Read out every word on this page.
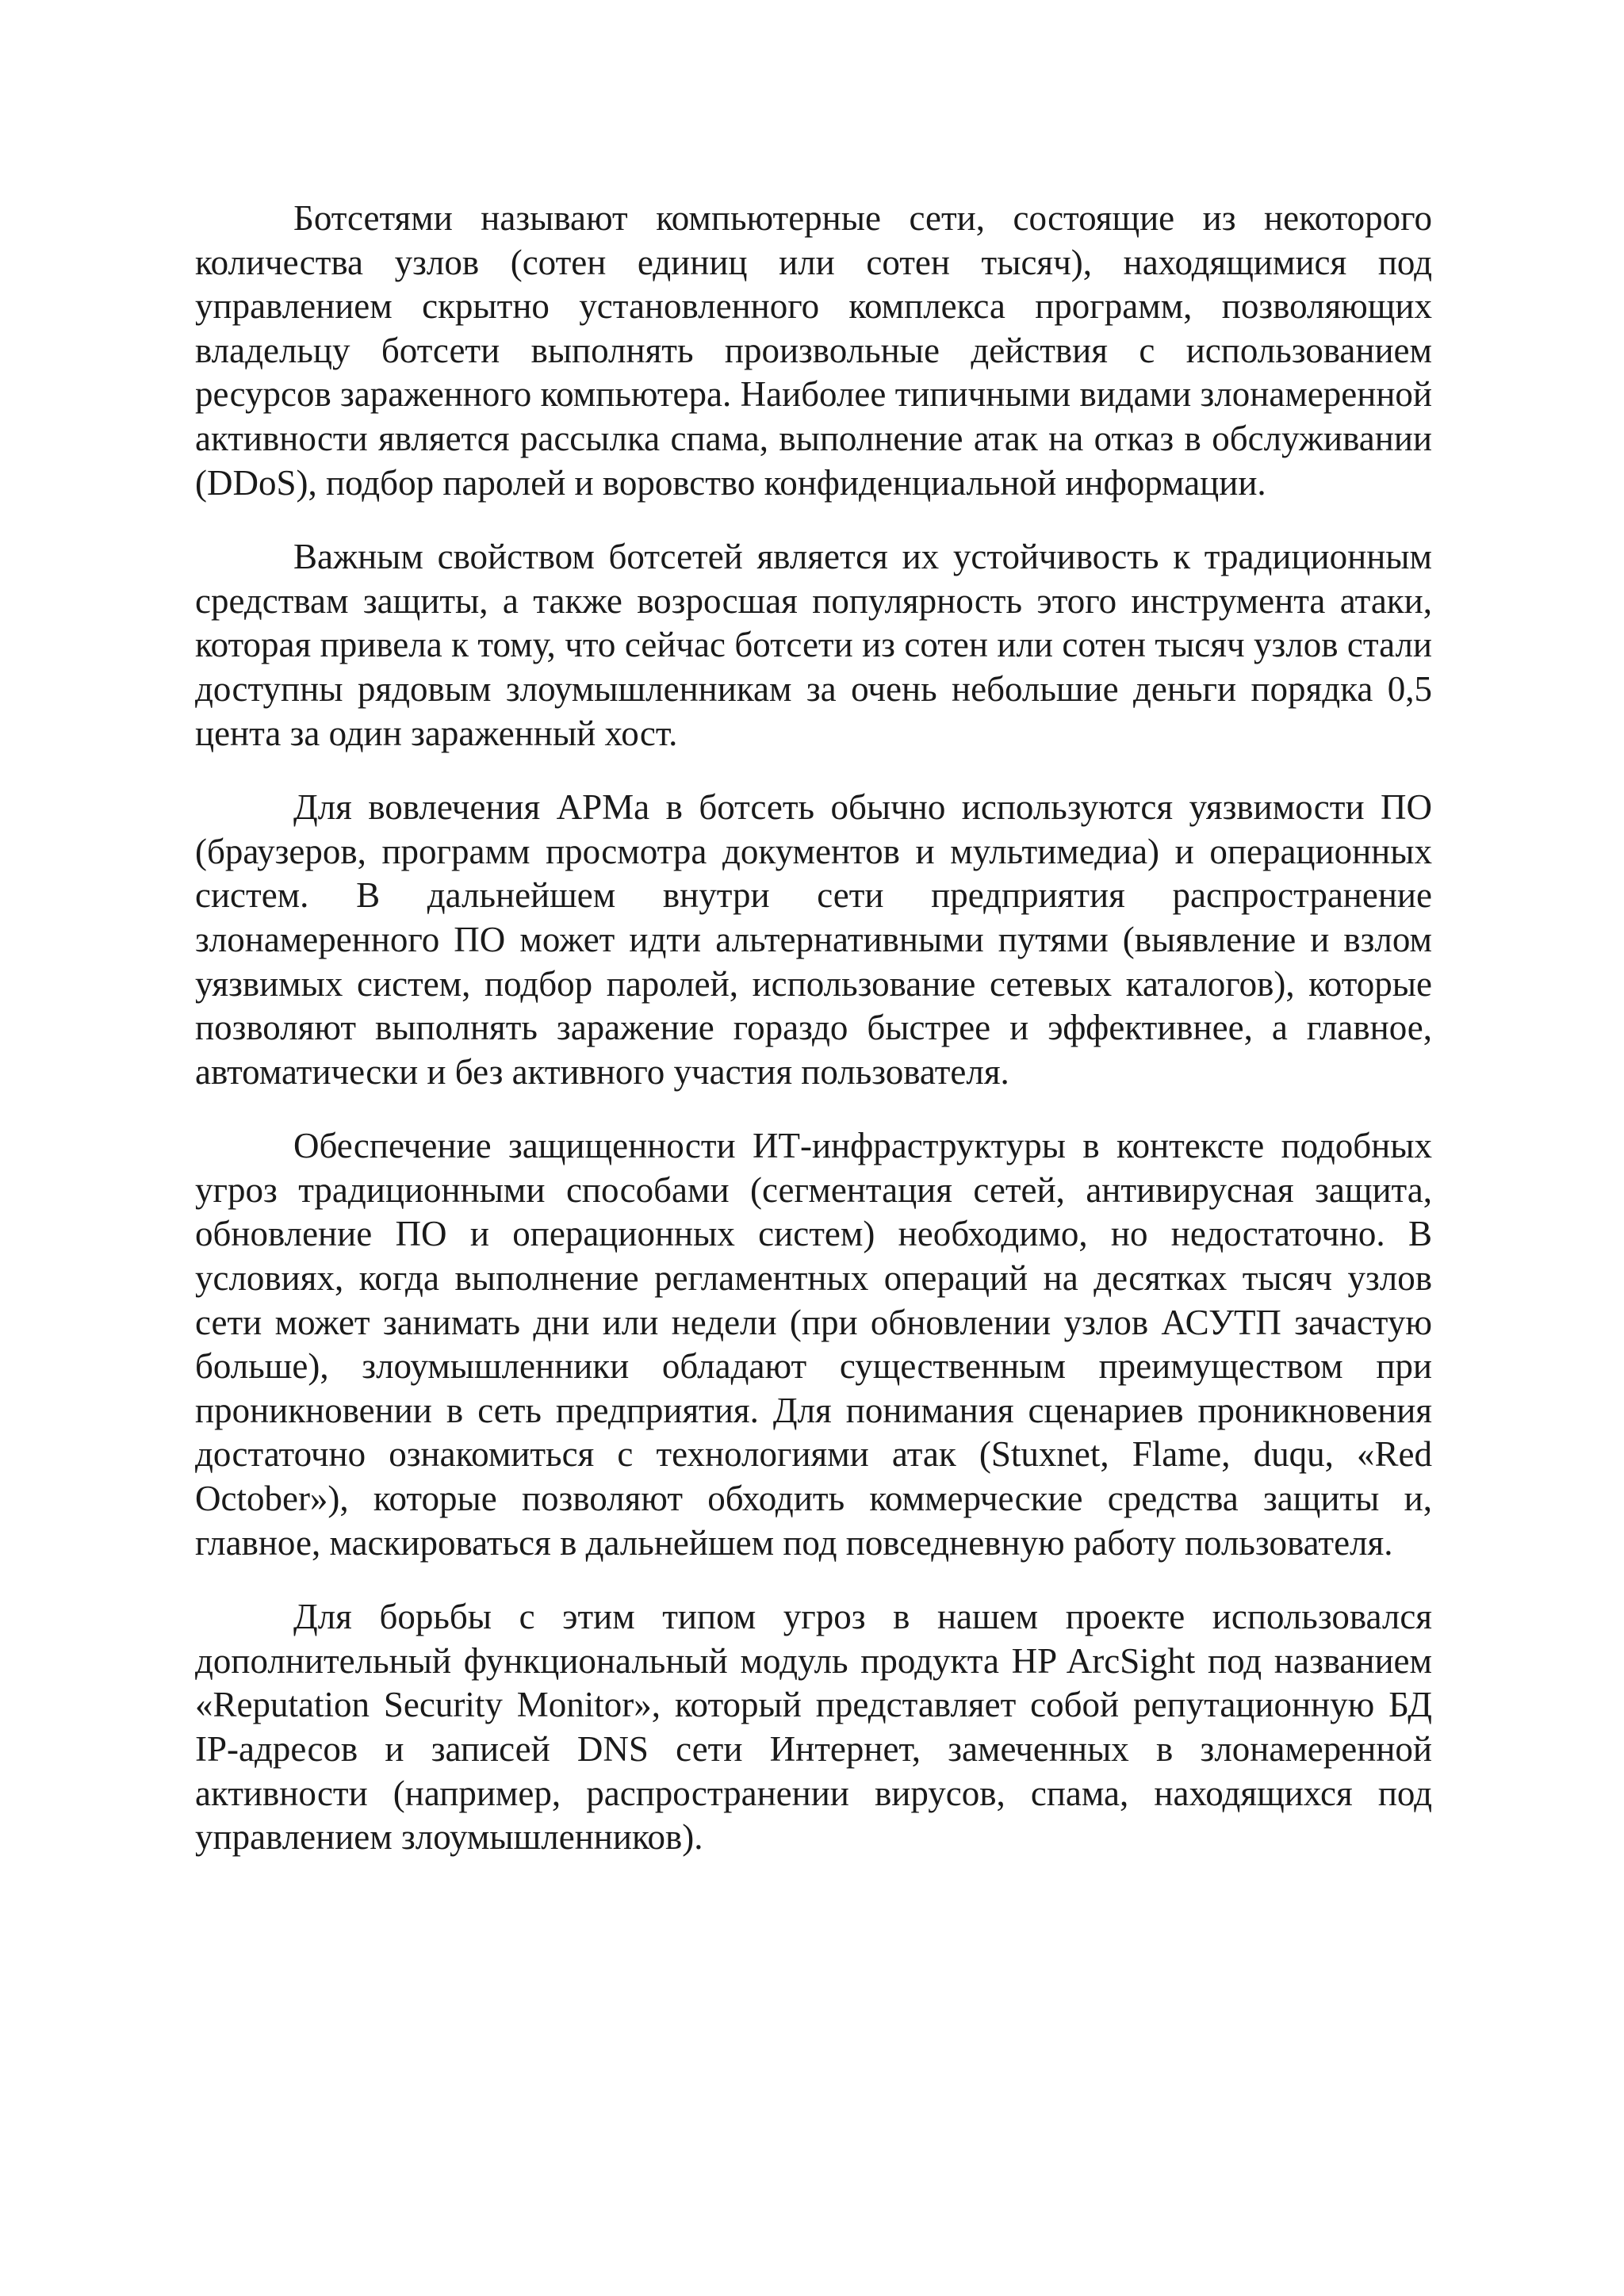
Ботсетями называют компьютерные сети, состоящие из некоторого количества узлов (сотен единиц или сотен тысяч), находящимися под управлением скрытно установленного комплекса программ, позволяющих владельцу ботсети выполнять произвольные действия с использованием ресурсов зараженного компьютера. Наиболее типичными видами злонамеренной активности является рассылка спама, выполнение атак на отказ в обслуживании (DDoS), подбор паролей и воровство конфиденциальной информации.

Важным свойством ботсетей является их устойчивость к традиционным средствам защиты, а также возросшая популярность этого инструмента атаки, которая привела к тому, что сейчас ботсети из сотен или сотен тысяч узлов стали доступны рядовым злоумышленникам за очень небольшие деньги порядка 0,5 цента за один зараженный хост.

Для вовлечения АРМа в ботсеть обычно используются уязвимости ПО (браузеров, программ просмотра документов и мультимедиа) и операционных систем. В дальнейшем внутри сети предприятия распространение злонамеренного ПО может идти альтернативными путями (выявление и взлом уязвимых систем, подбор паролей, использование сетевых каталогов), которые позволяют выполнять заражение гораздо быстрее и эффективнее, а главное, автоматически и без активного участия пользователя.

Обеспечение защищенности ИТ-инфраструктуры в контексте подобных угроз традиционными способами (сегментация сетей, антивирусная защита, обновление ПО и операционных систем) необходимо, но недостаточно. В условиях, когда выполнение регламентных операций на десятках тысяч узлов сети может занимать дни или недели (при обновлении узлов АСУТП зачастую больше), злоумышленники обладают существенным преимуществом при проникновении в сеть предприятия. Для понимания сценариев проникновения достаточно ознакомиться с технологиями атак (Stuxnet, Flame, duqu, «Red October»), которые позволяют обходить коммерческие средства защиты и, главное, маскироваться в дальнейшем под повседневную работу пользователя.

Для борьбы с этим типом угроз в нашем проекте использовался дополнительный функциональный модуль продукта HP ArcSight под названием «Reputation Security Monitor», который представляет собой репутационную БД IP-адресов и записей DNS сети Интернет, замеченных в злонамеренной активности (например, распространении вирусов, спама, находящихся под управлением злоумышленников).
